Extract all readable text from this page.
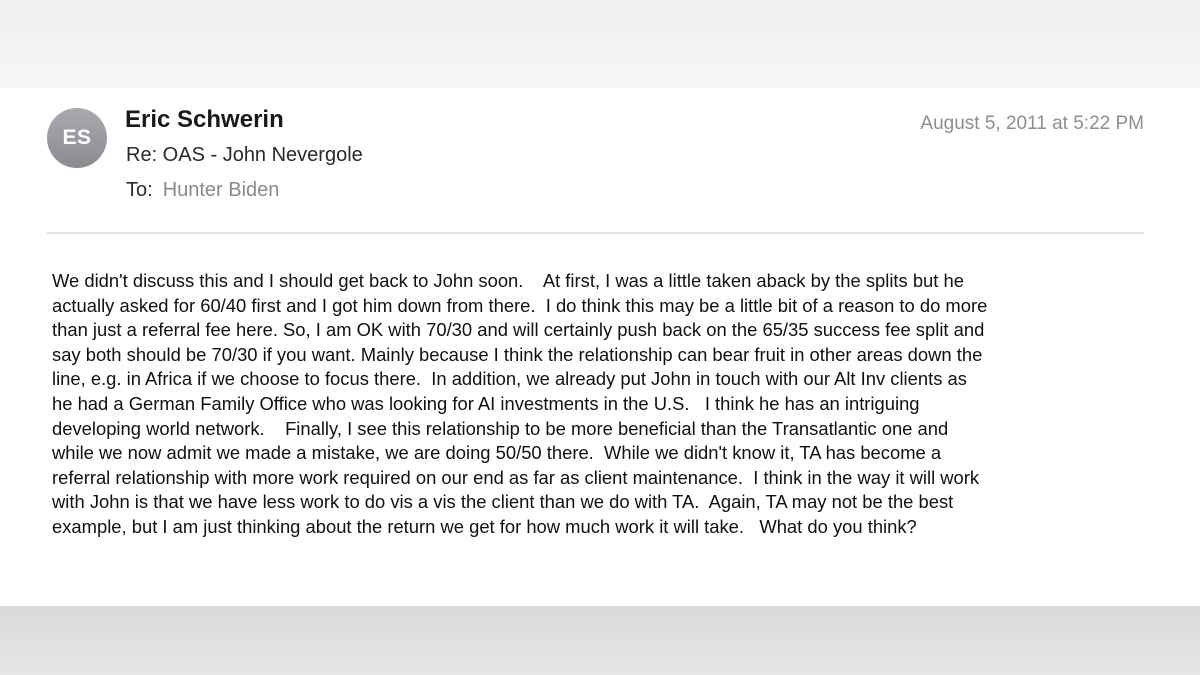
ES
Eric Schwerin
Re: OAS - John Nevergole
To: Hunter Biden
August 5, 2011 at 5:22 PM
We didn't discuss this and I should get back to John soon.    At first, I was a little taken aback by the splits but he
actually asked for 60/40 first and I got him down from there.  I do think this may be a little bit of a reason to do more
than just a referral fee here. So, I am OK with 70/30 and will certainly push back on the 65/35 success fee split and
say both should be 70/30 if you want. Mainly because I think the relationship can bear fruit in other areas down the
line, e.g. in Africa if we choose to focus there.  In addition, we already put John in touch with our Alt Inv clients as
he had a German Family Office who was looking for AI investments in the U.S.   I think he has an intriguing
developing world network.    Finally, I see this relationship to be more beneficial than the Transatlantic one and
while we now admit we made a mistake, we are doing 50/50 there.  While we didn't know it, TA has become a
referral relationship with more work required on our end as far as client maintenance.  I think in the way it will work
with John is that we have less work to do vis a vis the client than we do with TA.  Again, TA may not be the best
example, but I am just thinking about the return we get for how much work it will take.   What do you think?
